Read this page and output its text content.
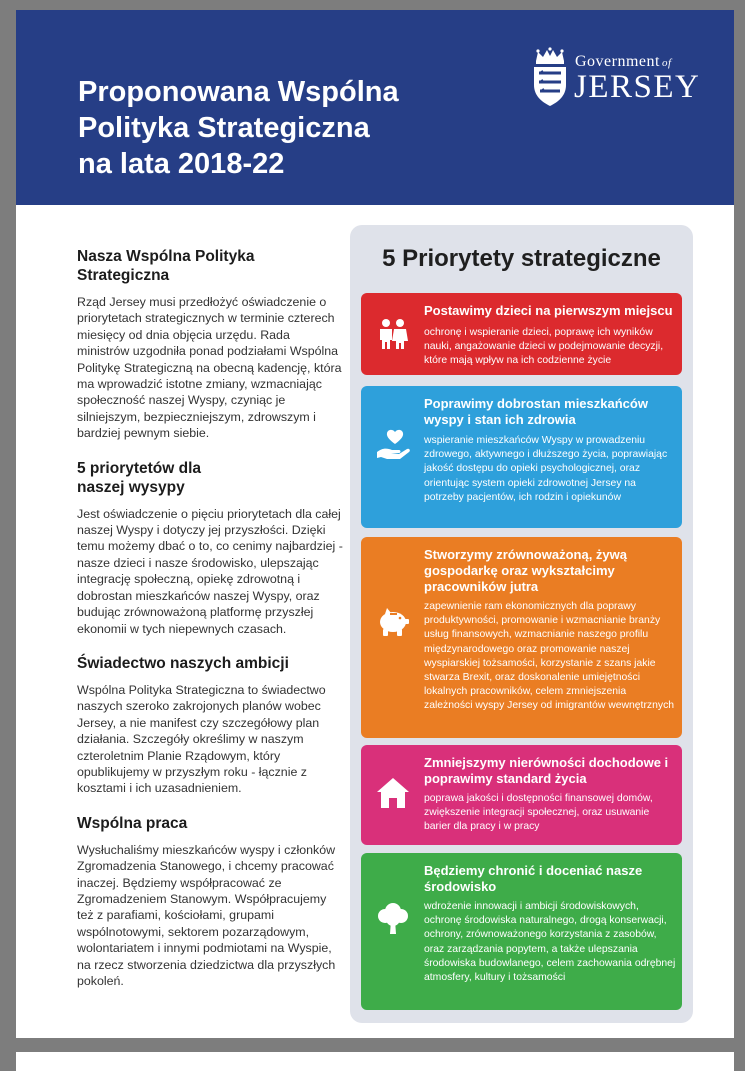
Proponowana Wspólna
Polityka Strategiczna
na lata 2018-22
Government of
JERSEY
Nasza Wspólna Polityka
Strategiczna

Rząd Jersey musi przedłożyć oświadczenie o priorytetach strategicznych w terminie czterech miesięcy od dnia objęcia urzędu. Rada ministrów uzgodniła ponad podziałami Wspólna Politykę Strategiczną na obecną kadencję, która ma wprowadzić istotne zmiany, wzmacniając społeczność naszej Wyspy, czyniąc je silniejszym, bezpieczniejszym, zdrowszym i bardziej pewnym siebie.

5 priorytetów dla
naszej wysypy

Jest oświadczenie o pięciu priorytetach dla całej naszej Wyspy i dotyczy jej przyszłości. Dzięki temu możemy dbać o to, co cenimy najbardziej - nasze dzieci i nasze środowisko, ulepszając integrację społeczną, opiekę zdrowotną i dobrostan mieszkańców naszej Wyspy, oraz budując zrównoważoną platformę przyszłej ekonomii w tych niepewnych czasach.

Świadectwo naszych ambicji

Wspólna Polityka Strategiczna to świadectwo naszych szeroko zakrojonych planów wobec Jersey, a nie manifest czy szczegółowy plan działania. Szczegóły określimy w naszym czteroletnim Planie Rządowym, który opublikujemy w przyszłym roku - łącznie z kosztami i ich uzasadnieniem.

Wspólna praca

Wysłuchaliśmy mieszkańców wyspy i członków Zgromadzenia Stanowego, i chcemy pracować inaczej. Będziemy współpracować ze Zgromadzeniem Stanowym. Współpracujemy też z parafiami, kościołami, grupami wspólnotowymi, sektorem pozarządowym, wolontariatem i innymi podmiotami na Wyspie, na rzecz stworzenia dziedzictwa dla przyszłych pokoleń.

5 Priorytety strategiczne
Postawimy dzieci na pierwszym miejscu
ochronę i wspieranie dzieci, poprawę ich wyników nauki, angażowanie dzieci w podejmowanie decyzji, które mają wpływ na ich codzienne życie
Poprawimy dobrostan mieszkańców wyspy i stan ich zdrowia
wspieranie mieszkańców Wyspy w prowadzeniu zdrowego, aktywnego i dłuższego życia, poprawiając jakość dostępu do opieki psychologicznej, oraz orientując system opieki zdrowotnej Jersey na potrzeby pacjentów, ich rodzin i opiekunów
Stworzymy zrównoważoną, żywą gospodarkę oraz wykształcimy pracowników jutra
zapewnienie ram ekonomicznych dla poprawy produktywności, promowanie i wzmacnianie branży usług finansowych, wzmacnianie naszego profilu międzynarodowego oraz promowanie naszej wyspiarskiej tożsamości, korzystanie z szans jakie stwarza Brexit, oraz doskonalenie umiejętności lokalnych pracowników, celem zmniejszenia zależności wyspy Jersey od imigrantów wewnętrznych
Zmniejszymy nierówności dochodowe i poprawimy standard życia
poprawa jakości i dostępności finansowej domów, zwiększenie integracji społecznej, oraz usuwanie barier dla pracy i w pracy
Będziemy chronić i doceniać nasze środowisko
wdrożenie innowacji i ambicji środowiskowych, ochronę środowiska naturalnego, drogą konserwacji, ochrony, zrównoważonego korzystania z zasobów, oraz zarządzania popytem, a także ulepszania środowiska budowlanego, celem zachowania odrębnej atmosfery, kultury i tożsamości
